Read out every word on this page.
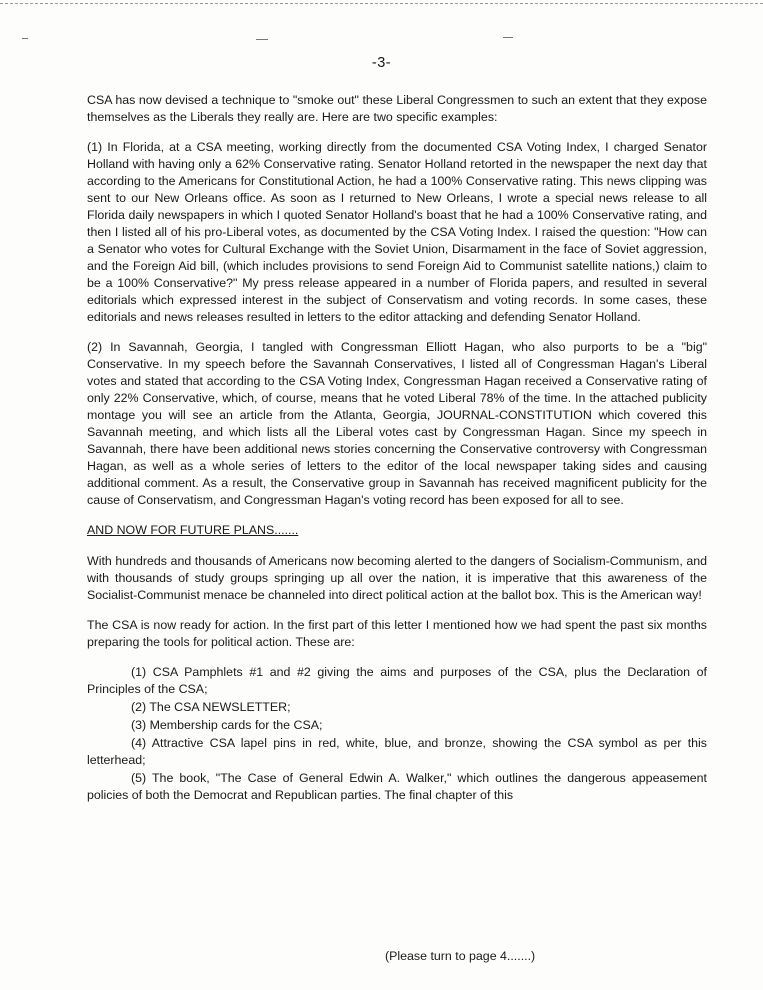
-3-

CSA has now devised a technique to "smoke out" these Liberal Congressmen to such an extent that they expose themselves as the Liberals they really are. Here are two specific examples:

(1) In Florida, at a CSA meeting, working directly from the documented CSA Voting Index, I charged Senator Holland with having only a 62% Conservative rating. Senator Holland retorted in the newspaper the next day that according to the Americans for Constitutional Action, he had a 100% Conservative rating. This news clipping was sent to our New Orleans office. As soon as I returned to New Orleans, I wrote a special news release to all Florida daily newspapers in which I quoted Senator Holland's boast that he had a 100% Conservative rating, and then I listed all of his pro-Liberal votes, as documented by the CSA Voting Index. I raised the question: "How can a Senator who votes for Cultural Exchange with the Soviet Union, Disarmament in the face of Soviet aggression, and the Foreign Aid bill, (which includes provisions to send Foreign Aid to Communist satellite nations,) claim to be a 100% Conservative?" My press release appeared in a number of Florida papers, and resulted in several editorials which expressed interest in the subject of Conservatism and voting records. In some cases, these editorials and news releases resulted in letters to the editor attacking and defending Senator Holland.

(2) In Savannah, Georgia, I tangled with Congressman Elliott Hagan, who also purports to be a "big" Conservative. In my speech before the Savannah Conservatives, I listed all of Congressman Hagan's Liberal votes and stated that according to the CSA Voting Index, Congressman Hagan received a Conservative rating of only 22% Conservative, which, of course, means that he voted Liberal 78% of the time. In the attached publicity montage you will see an article from the Atlanta, Georgia, JOURNAL-CONSTITUTION which covered this Savannah meeting, and which lists all the Liberal votes cast by Congressman Hagan. Since my speech in Savannah, there have been additional news stories concerning the Conservative controversy with Congressman Hagan, as well as a whole series of letters to the editor of the local newspaper taking sides and causing additional comment. As a result, the Conservative group in Savannah has received magnificent publicity for the cause of Conservatism, and Congressman Hagan's voting record has been exposed for all to see.

AND NOW FOR FUTURE PLANS.......

With hundreds and thousands of Americans now becoming alerted to the dangers of Socialism-Communism, and with thousands of study groups springing up all over the nation, it is imperative that this awareness of the Socialist-Communist menace be channeled into direct political action at the ballot box. This is the American way!

The CSA is now ready for action. In the first part of this letter I mentioned how we had spent the past six months preparing the tools for political action. These are:

(1) CSA Pamphlets #1 and #2 giving the aims and purposes of the CSA, plus the Declaration of Principles of the CSA;

(2) The CSA NEWSLETTER;

(3) Membership cards for the CSA;

(4) Attractive CSA lapel pins in red, white, blue, and bronze, showing the CSA symbol as per this letterhead;

(5) The book, "The Case of General Edwin A. Walker," which outlines the dangerous appeasement policies of both the Democrat and Republican parties. The final chapter of this

(Please turn to page 4.......)
